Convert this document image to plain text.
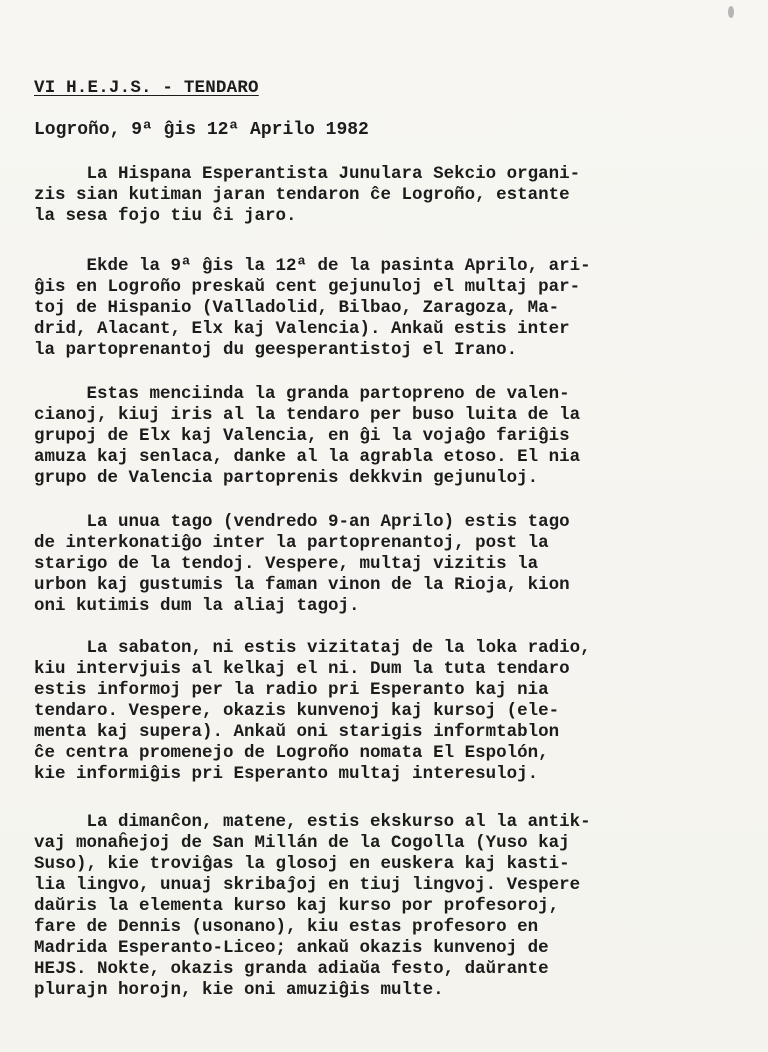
VI H.E.J.S. - TENDARO

Logroño, 9ª ĝis 12ª Aprilo 1982

La Hispana Esperantista Junulara Sekcio organi-
zis sian kutiman jaran tendaron ĉe Logroño, estante
la sesa fojo tiu ĉi jaro.

Ekde la 9ª ĝis la 12ª de la pasinta Aprilo, ari-
ĝis en Logroño preskaŭ cent gejunuloj el multaj par-
toj de Hispanio (Valladolid, Bilbao, Zaragoza, Ma-
drid, Alacant, Elx kaj Valencia). Ankaŭ estis inter
la partoprenantoj du geesperantistoj el Irano.

Estas menciinda la granda partopreno de valen-
cianoj, kiuj iris al la tendaro per buso luita de la
grupoj de Elx kaj Valencia, en ĝi la vojaĝo fariĝis
amuza kaj senlaca, danke al la agrabla etoso. El nia
grupo de Valencia partoprenis dekkvin gejunuloj.

La unua tago (vendredo 9-an Aprilo) estis tago
de interkonatiĝo inter la partoprenantoj, post la
starigo de la tendoj. Vespere, multaj vizitis la
urbon kaj gustumis la faman vinon de la Rioja, kion
oni kutimis dum la aliaj tagoj.

La sabaton, ni estis vizitataj de la loka radio,
kiu intervjuis al kelkaj el ni. Dum la tuta tendaro
estis informoj per la radio pri Esperanto kaj nia
tendaro. Vespere, okazis kunvenoj kaj kursoj (ele-
menta kaj supera). Ankaŭ oni starigis informtablon
ĉe centra promenejo de Logroño nomata El Espolón,
kie informiĝis pri Esperanto multaj interesuloj.

La dimanĉon, matene, estis ekskurso al la antik-
vaj monaĥejoj de San Millán de la Cogolla (Yuso kaj
Suso), kie troviĝas la glosoj en euskera kaj kasti-
lia lingvo, unuaj skribaĵoj en tiuj lingvoj. Vespere
daŭris la elementa kurso kaj kurso por profesoroj,
fare de Dennis (usonano), kiu estas profesoro en
Madrida Esperanto-Liceo; ankaŭ okazis kunvenoj de
HEJS. Nokte, okazis granda adiaŭa festo, daŭrante
plurajn horojn, kie oni amuziĝis multe.
